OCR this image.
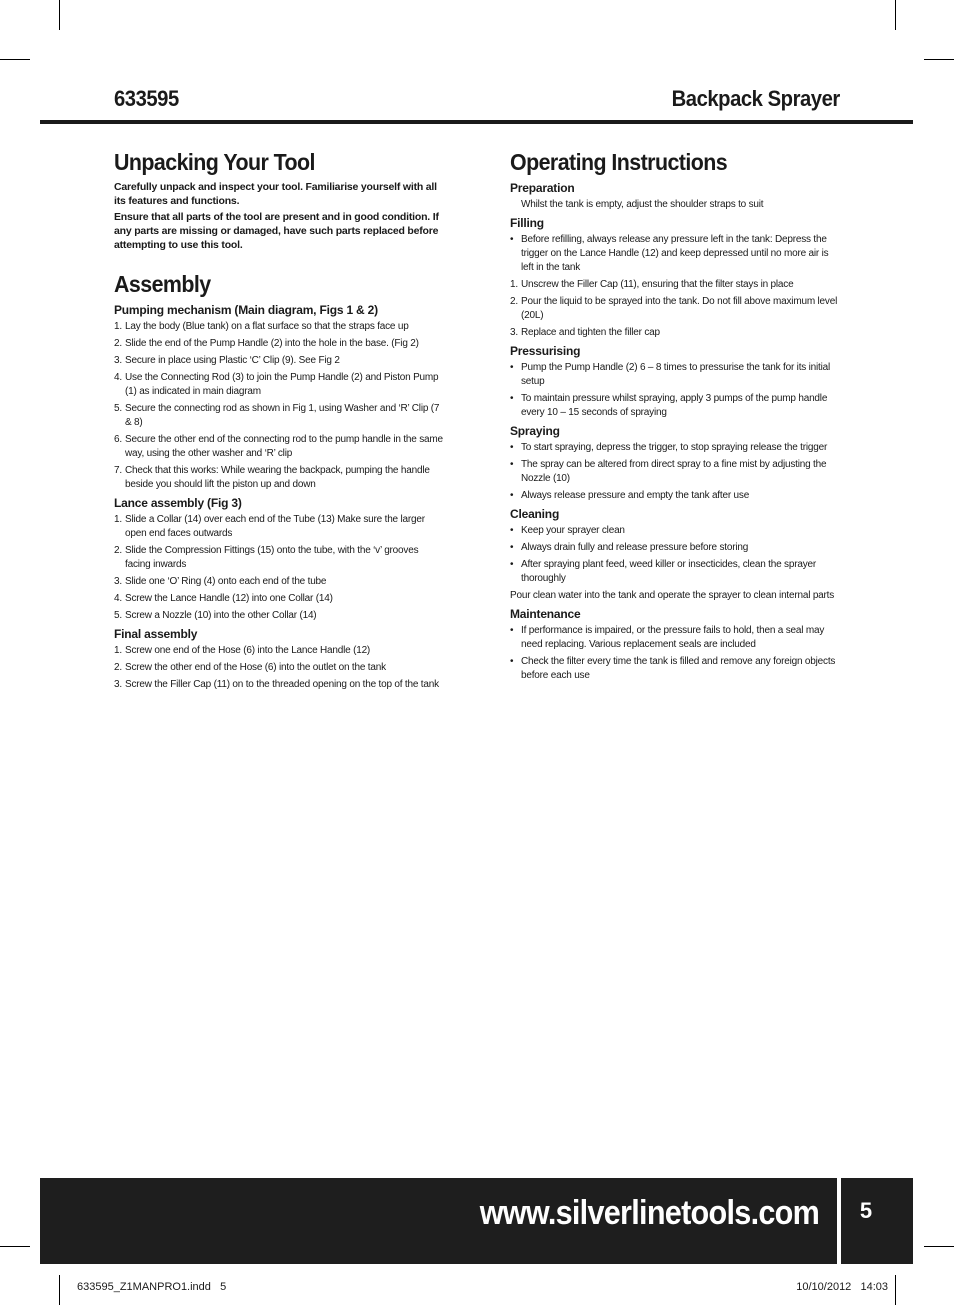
633595	Backpack Sprayer
Unpacking Your Tool

Carefully unpack and inspect your tool. Familiarise yourself with all its features and functions.

Ensure that all parts of the tool are present and in good condition. If any parts are missing or damaged, have such parts replaced before attempting to use this tool.

Assembly
Pumping mechanism (Main diagram, Figs 1 & 2)
1. Lay the body (Blue tank) on a flat surface so that the straps face up
2. Slide the end of the Pump Handle (2) into the hole in the base. (Fig 2)
3. Secure in place using Plastic ‘C’ Clip (9). See Fig 2
4. Use the Connecting Rod (3) to join the Pump Handle (2) and Piston Pump (1) as indicated in main diagram
5. Secure the connecting rod as shown in Fig 1, using Washer and ‘R’ Clip (7 & 8)
6. Secure the other end of the connecting rod to the pump handle in the same way, using the other washer and ‘R’ clip
7. Check that this works: While wearing the backpack, pumping the handle beside you should lift the piston up and down
Lance assembly (Fig 3)
1. Slide a Collar (14) over each end of the Tube (13) Make sure the larger open end faces outwards
2. Slide the Compression Fittings (15) onto the tube, with the ‘v’ grooves facing inwards
3. Slide one ‘O’ Ring (4) onto each end of the tube
4. Screw the Lance Handle (12) into one Collar (14)
5. Screw a Nozzle (10) into the other Collar (14)
Final assembly
1. Screw one end of the Hose (6) into the Lance Handle (12)
2. Screw the other end of the Hose (6) into the outlet on the tank
3. Screw the Filler Cap (11) on to the threaded opening on the top of the tank
Operating Instructions
Preparation

Whilst the tank is empty, adjust the shoulder straps to suit

Filling
• Before refilling, always release any pressure left in the tank: Depress the trigger on the Lance Handle (12) and keep depressed until no more air is left in the tank
1. Unscrew the Filler Cap (11), ensuring that the filter stays in place
2. Pour the liquid to be sprayed into the tank. Do not fill above maximum level (20L)
3. Replace and tighten the filler cap
Pressurising
• Pump the Pump Handle (2) 6 – 8 times to pressurise the tank for its initial setup
• To maintain pressure whilst spraying, apply 3 pumps of the pump handle every 10 – 15 seconds of spraying
Spraying
• To start spraying, depress the trigger, to stop spraying release the trigger
• The spray can be altered from direct spray to a fine mist by adjusting the Nozzle (10)
• Always release pressure and empty the tank after use
Cleaning
• Keep your sprayer clean
• Always drain fully and release pressure before storing
• After spraying plant feed, weed killer or insecticides, clean the sprayer thoroughly

Pour clean water into the tank and operate the sprayer to clean internal parts

Maintenance
• If performance is impaired, or the pressure fails to hold, then a seal may need replacing. Various replacement seals are included
• Check the filter every time the tank is filled and remove any foreign objects before each use
www.silverlinetools.com	5
633595_Z1MANPRO1.indd   5	10/10/2012   14:03
